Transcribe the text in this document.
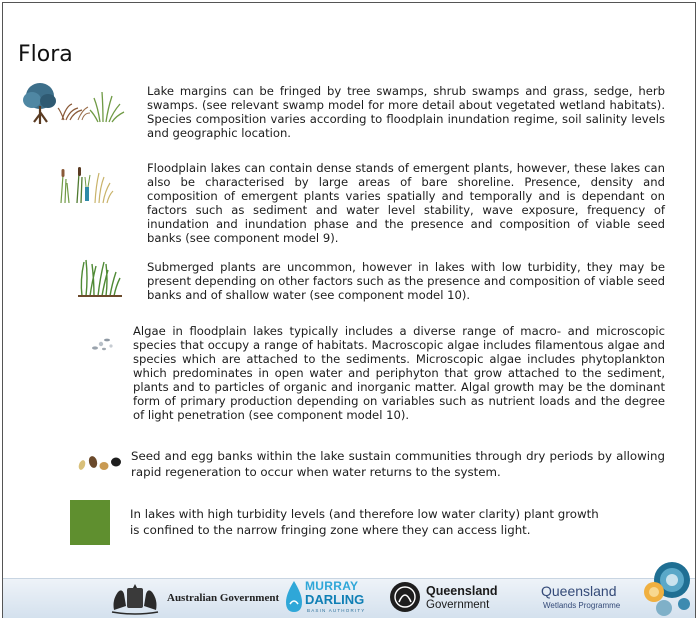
Flora
Lake margins can be fringed by tree swamps, shrub swamps and grass, sedge, herb swamps. (see relevant swamp model for more detail about vegetated wetland habitats). Species composition varies according to floodplain inundation regime, soil salinity levels and geographic location.
Floodplain lakes can contain dense stands of emergent plants, however, these lakes can also be characterised by large areas of bare shoreline. Presence, density and composition of emergent plants varies spatially and temporally and is dependant on factors such as sediment and water level stability, wave exposure, frequency of inundation and inundation phase and the presence and composition of viable seed banks (see component model 9).
Submerged plants are uncommon, however in lakes with low turbidity, they may be present depending on other factors such as the presence and composition of viable seed banks and of shallow water (see component model 10).
Algae in floodplain lakes typically includes a diverse range of macro- and microscopic species that occupy a range of habitats. Macroscopic algae includes filamentous algae and species which are attached to the sediments. Microscopic algae includes phytoplankton which predominates in open water and periphyton that grow attached to the sediment, plants and to particles of organic and inorganic matter. Algal growth may be the dominant form of primary production depending on variables such as nutrient loads and the degree of light penetration (see component model 10).
Seed and egg banks within the lake sustain communities through dry periods by allowing rapid regeneration to occur when water returns to the system.
In lakes with high turbidity levels (and therefore low water clarity) plant growth is confined to the narrow fringing zone where they can access light.
Australian Government
MURRAY
DARLING
BASIN AUTHORITY
Queensland
Government
Queensland
Wetlands Programme
